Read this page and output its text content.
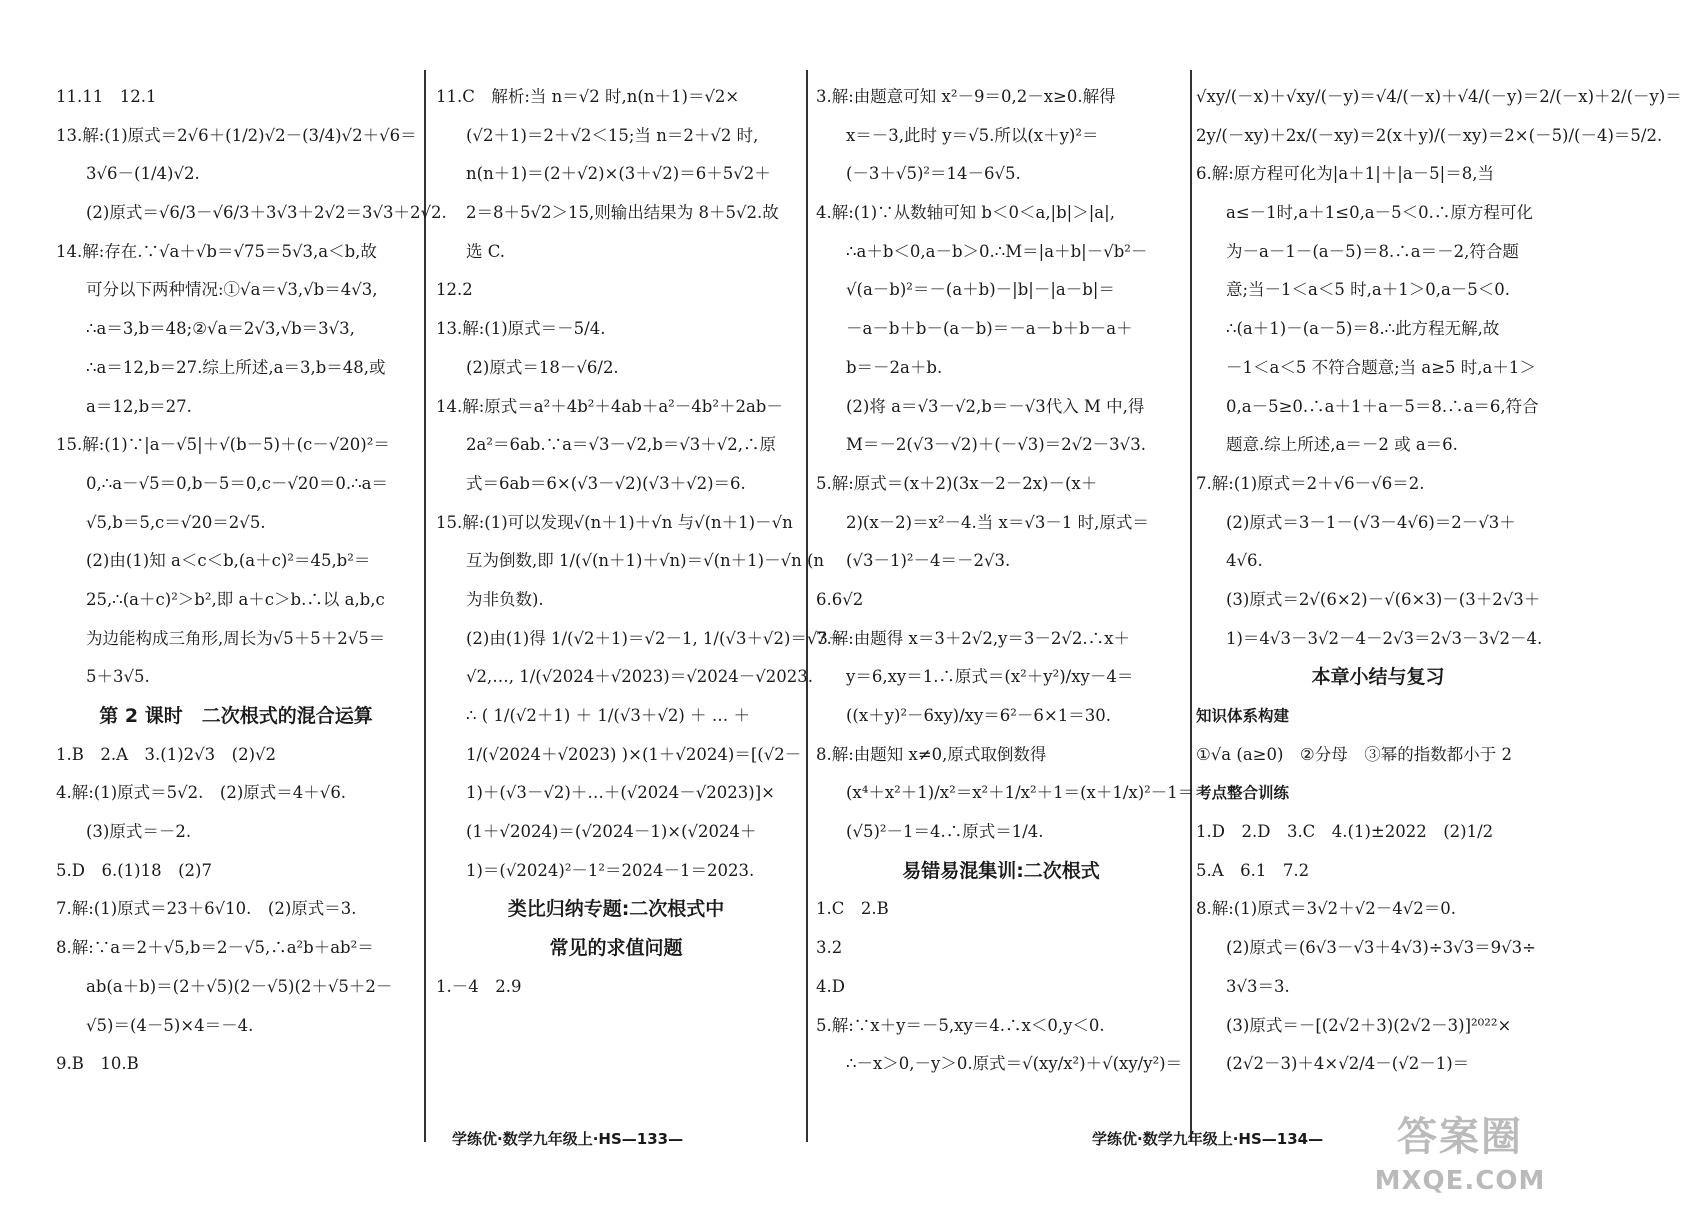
11.11　12.1
13.解:(1)原式＝2√6＋(1/2)√2－(3/4)√2＋√6＝
3√6－(1/4)√2.
(2)原式＝√6/3－√6/3＋3√3＋2√2＝3√3＋2√2.
14.解:存在.∵√a＋√b＝√75＝5√3,a＜b,故
可分以下两种情况:①√a＝√3,√b＝4√3,
∴a＝3,b＝48;②√a＝2√3,√b＝3√3,
∴a＝12,b＝27.综上所述,a＝3,b＝48,或
a＝12,b＝27.
15.解:(1)∵|a－√5|＋√(b－5)＋(c－√20)²＝
0,∴a－√5＝0,b－5＝0,c－√20＝0.∴a＝
√5,b＝5,c＝√20＝2√5.
(2)由(1)知 a＜c＜b,(a＋c)²＝45,b²＝
25,∴(a＋c)²＞b²,即 a＋c＞b.∴以 a,b,c
为边能构成三角形,周长为√5＋5＋2√5＝
5＋3√5.
第 2 课时　二次根式的混合运算
1.B　2.A　3.(1)2√3　(2)√2
4.解:(1)原式＝5√2.　(2)原式＝4＋√6.
(3)原式＝－2.
5.D　6.(1)18　(2)7
7.解:(1)原式＝23＋6√10.　(2)原式＝3.
8.解:∵a＝2＋√5,b＝2－√5,∴a²b＋ab²＝
ab(a＋b)＝(2＋√5)(2－√5)(2＋√5＋2－
√5)＝(4－5)×4＝－4.
9.B　10.B
11.C　解析:当 n＝√2 时,n(n＋1)＝√2×
(√2＋1)＝2＋√2＜15;当 n＝2＋√2 时,
n(n＋1)＝(2＋√2)×(3＋√2)＝6＋5√2＋
2＝8＋5√2＞15,则输出结果为 8＋5√2.故
选 C.
12.2
13.解:(1)原式＝－5/4.
(2)原式＝18－√6/2.
14.解:原式＝a²＋4b²＋4ab＋a²－4b²＋2ab－
2a²＝6ab.∵a＝√3－√2,b＝√3＋√2,∴原
式＝6ab＝6×(√3－√2)(√3＋√2)＝6.
15.解:(1)可以发现√(n＋1)＋√n 与√(n＋1)－√n
互为倒数,即 1/(√(n＋1)＋√n)＝√(n＋1)－√n (n
为非负数).
(2)由(1)得 1/(√2＋1)＝√2－1, 1/(√3＋√2)＝√3－
√2,…, 1/(√2024＋√2023)＝√2024－√2023.
∴ ( 1/(√2＋1) ＋ 1/(√3＋√2) ＋ … ＋
1/(√2024＋√2023) )×(1＋√2024)＝[(√2－
1)＋(√3－√2)＋…＋(√2024－√2023)]×
(1＋√2024)＝(√2024－1)×(√2024＋
1)＝(√2024)²－1²＝2024－1＝2023.
类比归纳专题:二次根式中
常见的求值问题
1.－4　2.9
3.解:由题意可知 x²－9＝0,2－x≥0.解得
x＝－3,此时 y＝√5.所以(x＋y)²＝
(－3＋√5)²＝14－6√5.
4.解:(1)∵从数轴可知 b＜0＜a,|b|＞|a|,
∴a＋b＜0,a－b＞0.∴M＝|a＋b|－√b²－
√(a－b)²＝－(a＋b)－|b|－|a－b|＝
－a－b＋b－(a－b)＝－a－b＋b－a＋
b＝－2a＋b.
(2)将 a＝√3－√2,b＝－√3代入 M 中,得
M＝－2(√3－√2)＋(－√3)＝2√2－3√3.
5.解:原式＝(x＋2)(3x－2－2x)－(x＋
2)(x－2)＝x²－4.当 x＝√3－1 时,原式＝
(√3－1)²－4＝－2√3.
6.6√2
7.解:由题得 x＝3＋2√2,y＝3－2√2.∴x＋
y＝6,xy＝1.∴原式＝(x²＋y²)/xy－4＝
((x＋y)²－6xy)/xy＝6²－6×1＝30.
8.解:由题知 x≠0,原式取倒数得
(x⁴＋x²＋1)/x²＝x²＋1/x²＋1＝(x＋1/x)²－1＝
(√5)²－1＝4.∴原式＝1/4.
易错易混集训:二次根式
1.C　2.B
3.2
4.D
5.解:∵x＋y＝－5,xy＝4.∴x＜0,y＜0.
∴－x＞0,－y＞0.原式＝√(xy/x²)＋√(xy/y²)＝
√xy/(－x)＋√xy/(－y)＝√4/(－x)＋√4/(－y)＝2/(－x)＋2/(－y)＝
2y/(－xy)＋2x/(－xy)＝2(x＋y)/(－xy)＝2×(－5)/(－4)＝5/2.
6.解:原方程可化为|a＋1|＋|a－5|＝8,当
a≤－1时,a＋1≤0,a－5＜0.∴原方程可化
为－a－1－(a－5)＝8.∴a＝－2,符合题
意;当－1＜a＜5 时,a＋1＞0,a－5＜0.
∴(a＋1)－(a－5)＝8.∴此方程无解,故
－1＜a＜5 不符合题意;当 a≥5 时,a＋1＞
0,a－5≥0.∴a＋1＋a－5＝8.∴a＝6,符合
题意.综上所述,a＝－2 或 a＝6.
7.解:(1)原式＝2＋√6－√6＝2.
(2)原式＝3－1－(√3－4√6)＝2－√3＋
4√6.
(3)原式＝2√(6×2)－√(6×3)－(3＋2√3＋
1)＝4√3－3√2－4－2√3＝2√3－3√2－4.
本章小结与复习
知识体系构建
①√a (a≥0)　②分母　③幂的指数都小于 2
考点整合训练
1.D　2.D　3.C　4.(1)±2022　(2)1/2
5.A　6.1　7.2
8.解:(1)原式＝3√2＋√2－4√2＝0.
(2)原式＝(6√3－√3＋4√3)÷3√3＝9√3÷
3√3＝3.
(3)原式＝－[(2√2＋3)(2√2－3)]²⁰²²×
(2√2－3)＋4×√2/4－(√2－1)＝
学练优·数学九年级上·HS—133—	学练优·数学九年级上·HS—134—	答案圈
MXQE.COM
